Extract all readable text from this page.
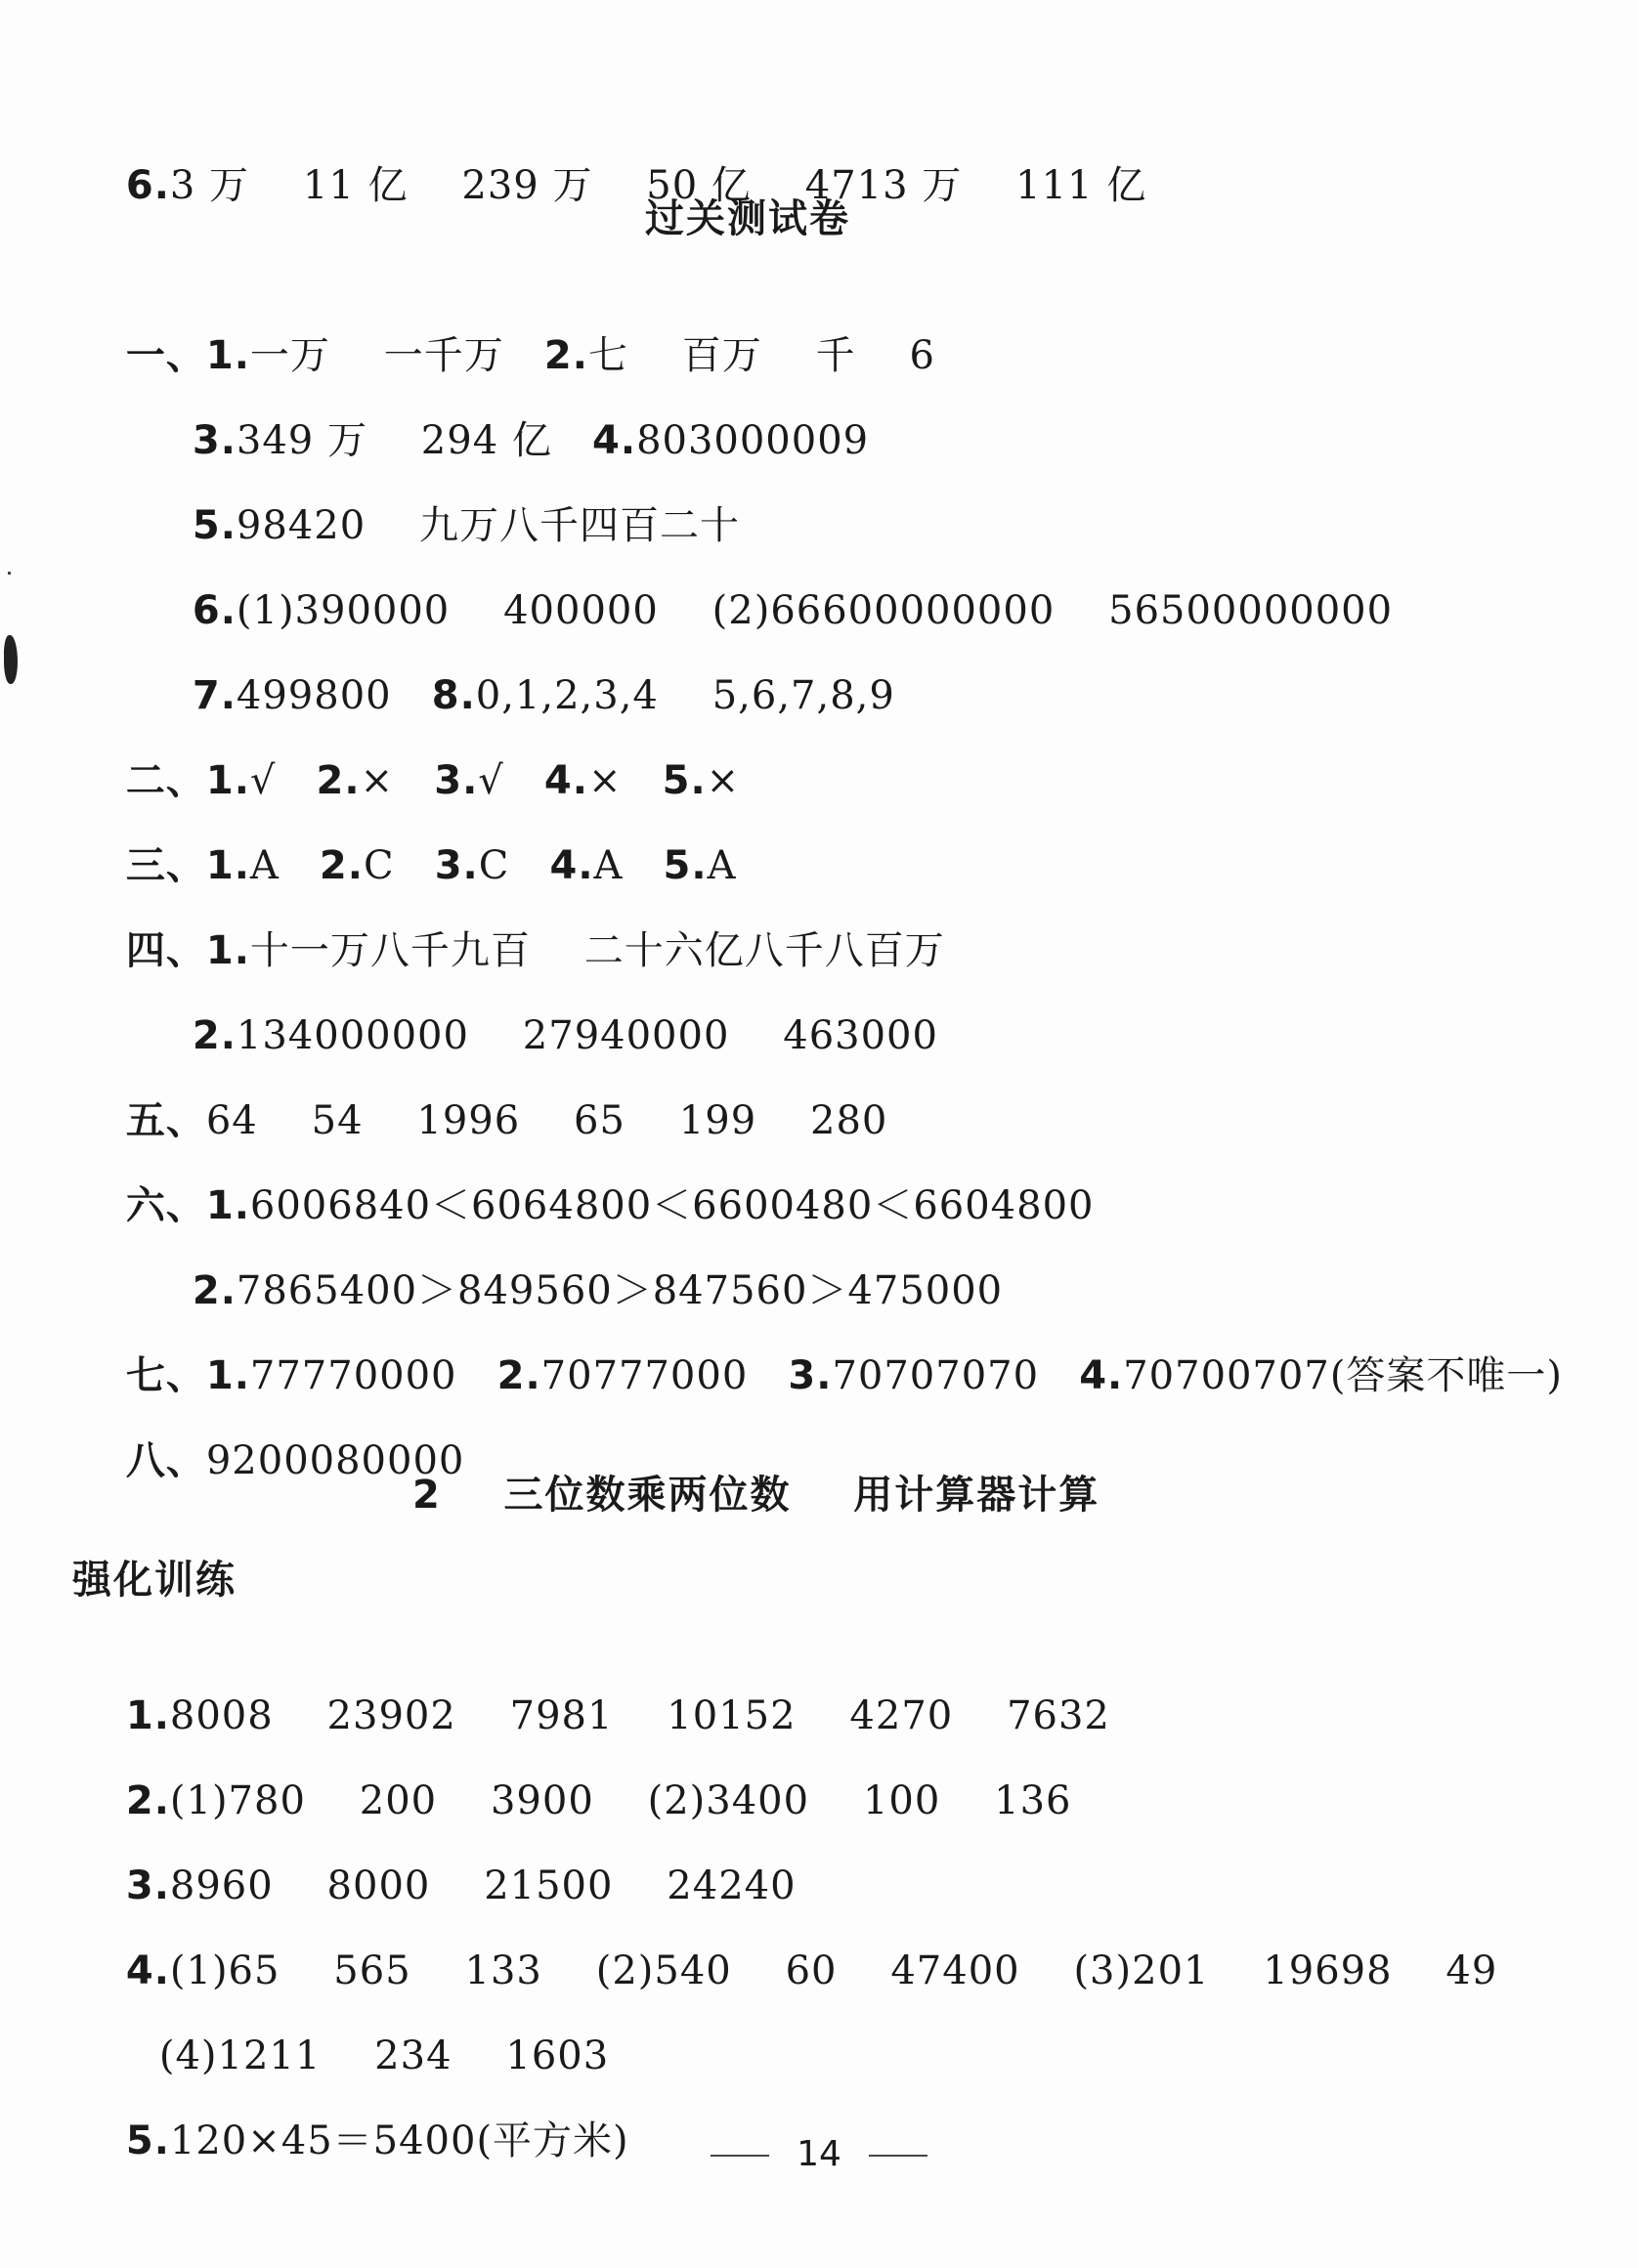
6.3 万    11 亿    239 万    50 亿    4713 万    111 亿

过关测试卷

一、1.一万    一千万   2.七    百万    千    6

3.349 万    294 亿   4.803000009

5.98420    九万八千四百二十

6.(1)390000    400000    (2)66600000000    56500000000

7.499800   8.0,1,2,3,4    5,6,7,8,9

二、1.√   2.×   3.√   4.×   5.×

三、1.A   2.C   3.C   4.A   5.A

四、1.十一万八千九百    二十六亿八千八百万

2.134000000    27940000    463000

五、64    54    1996    65    199    280

六、1.6006840＜6064800＜6600480＜6604800

2.7865400＞849560＞847560＞475000

七、1.77770000   2.70777000   3.70707070   4.70700707(答案不唯一)

八、9200080000

2    三位数乘两位数    用计算器计算
强化训练

1.8008    23902    7981    10152    4270    7632

2.(1)780    200    3900    (2)3400    100    136

3.8960    8000    21500    24240

4.(1)65    565    133    (2)540    60    47400    (3)201    19698    49

(4)1211    234    1603

5.120×45＝5400(平方米)
	14
